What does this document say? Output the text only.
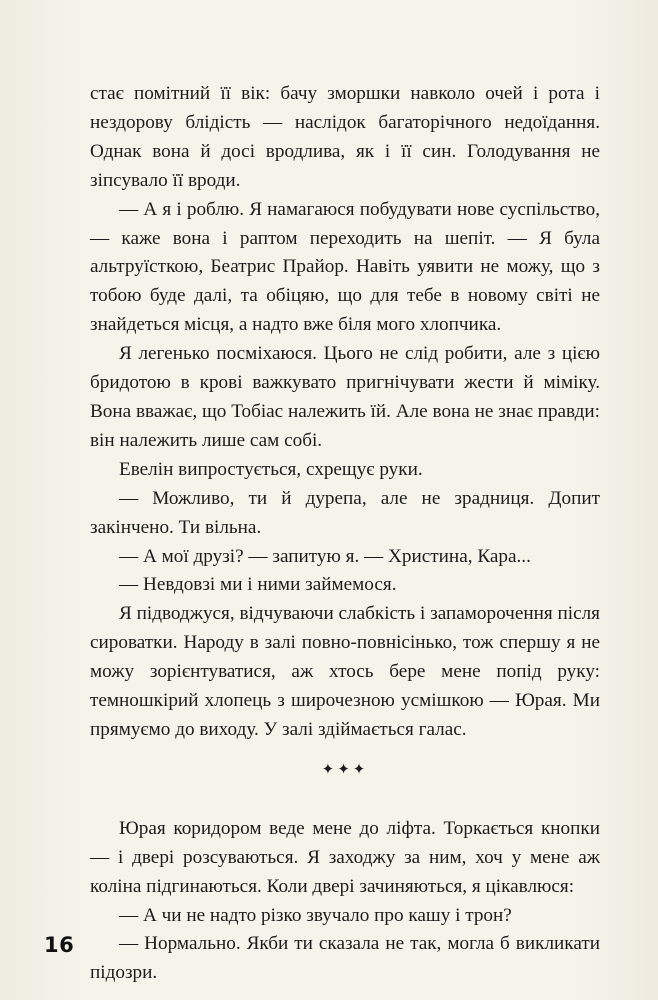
стає помітний її вік: бачу зморшки навколо очей і рота і нездорову блідість — наслідок багаторічного недоїдання. Однак вона й досі вродлива, як і її син. Голодування не зіпсувало її вроди.

— А я і роблю. Я намагаюся побудувати нове суспільство, — каже вона і раптом переходить на шепіт. — Я була альтруїсткою, Беатрис Прайор. Навіть уявити не можу, що з тобою буде далі, та обіцяю, що для тебе в новому світі не знайдеться місця, а надто вже біля мого хлопчика.

Я легенько посміхаюся. Цього не слід робити, але з цією бридотою в крові важкувато пригнічувати жести й міміку. Вона вважає, що Тобіас належить їй. Але вона не знає правди: він належить лише сам собі.

Евелін випростується, схрещує руки.

— Можливо, ти й дурепа, але не зрадниця. Допит закінчено. Ти вільна.

— А мої друзі? — запитую я. — Христина, Кара...

— Невдовзі ми і ними займемося.

Я підводжуся, відчуваючи слабкість і запаморочення після сироватки. Народу в залі повно-повнісінько, тож спершу я не можу зорієнтуватися, аж хтось бере мене попід руку: темношкірий хлопець з широчезною усмішкою — Юрая. Ми прямуємо до виходу. У залі здіймається галас.

✦✦✦

Юрая коридором веде мене до ліфта. Торкається кнопки — і двері розсуваються. Я заходжу за ним, хоч у мене аж коліна підгинаються. Коли двері зачиняються, я цікавлюся:

— А чи не надто різко звучало про кашу і трон?

— Нормально. Якби ти сказала не так, могла б викликати підозри.

16
